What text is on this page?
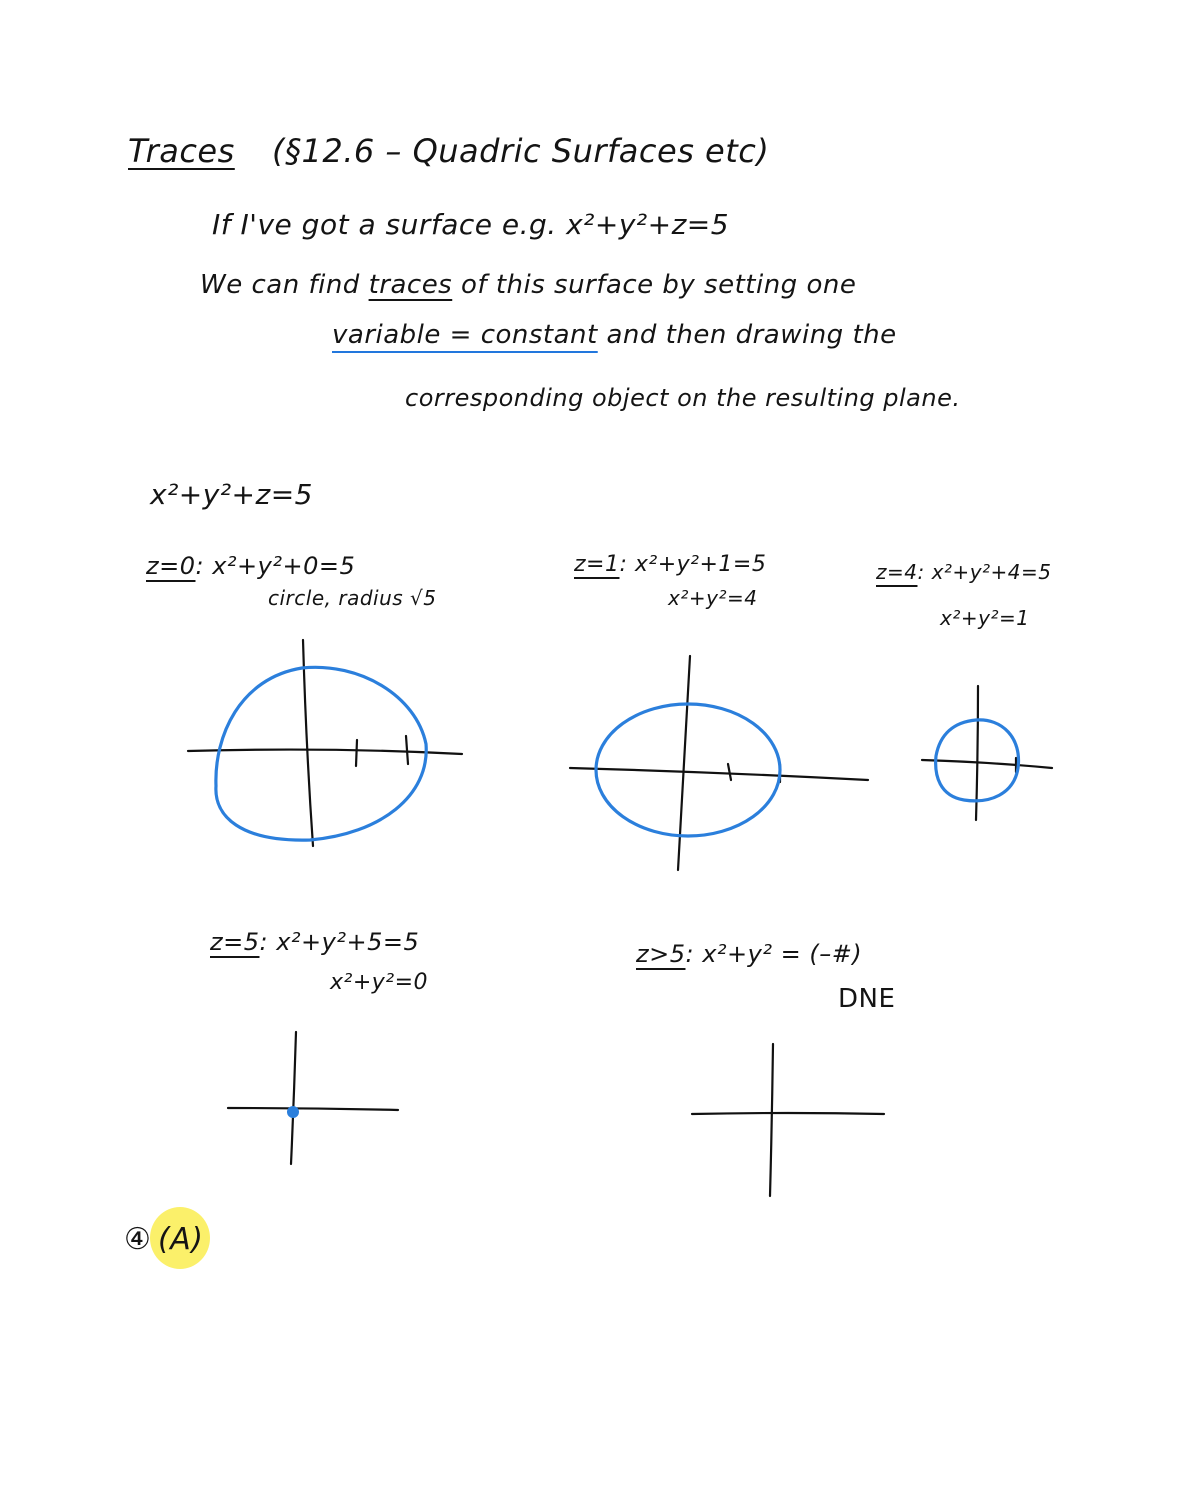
Traces (§12.6 – Quadric Surfaces etc)
If I've got a surface e.g. x²+y²+z=5
We can find traces of this surface by setting one
variable = constant and then drawing the
corresponding object on the resulting plane.
x²+y²+z=5
z=0: x²+y²+0=5
circle, radius √5
z=1: x²+y²+1=5
x²+y²=4
z=4: x²+y²+4=5
x²+y²=1
z=5: x²+y²+5=5
x²+y²=0
z>5: x²+y² = (–#)
DNE
④ (A)
